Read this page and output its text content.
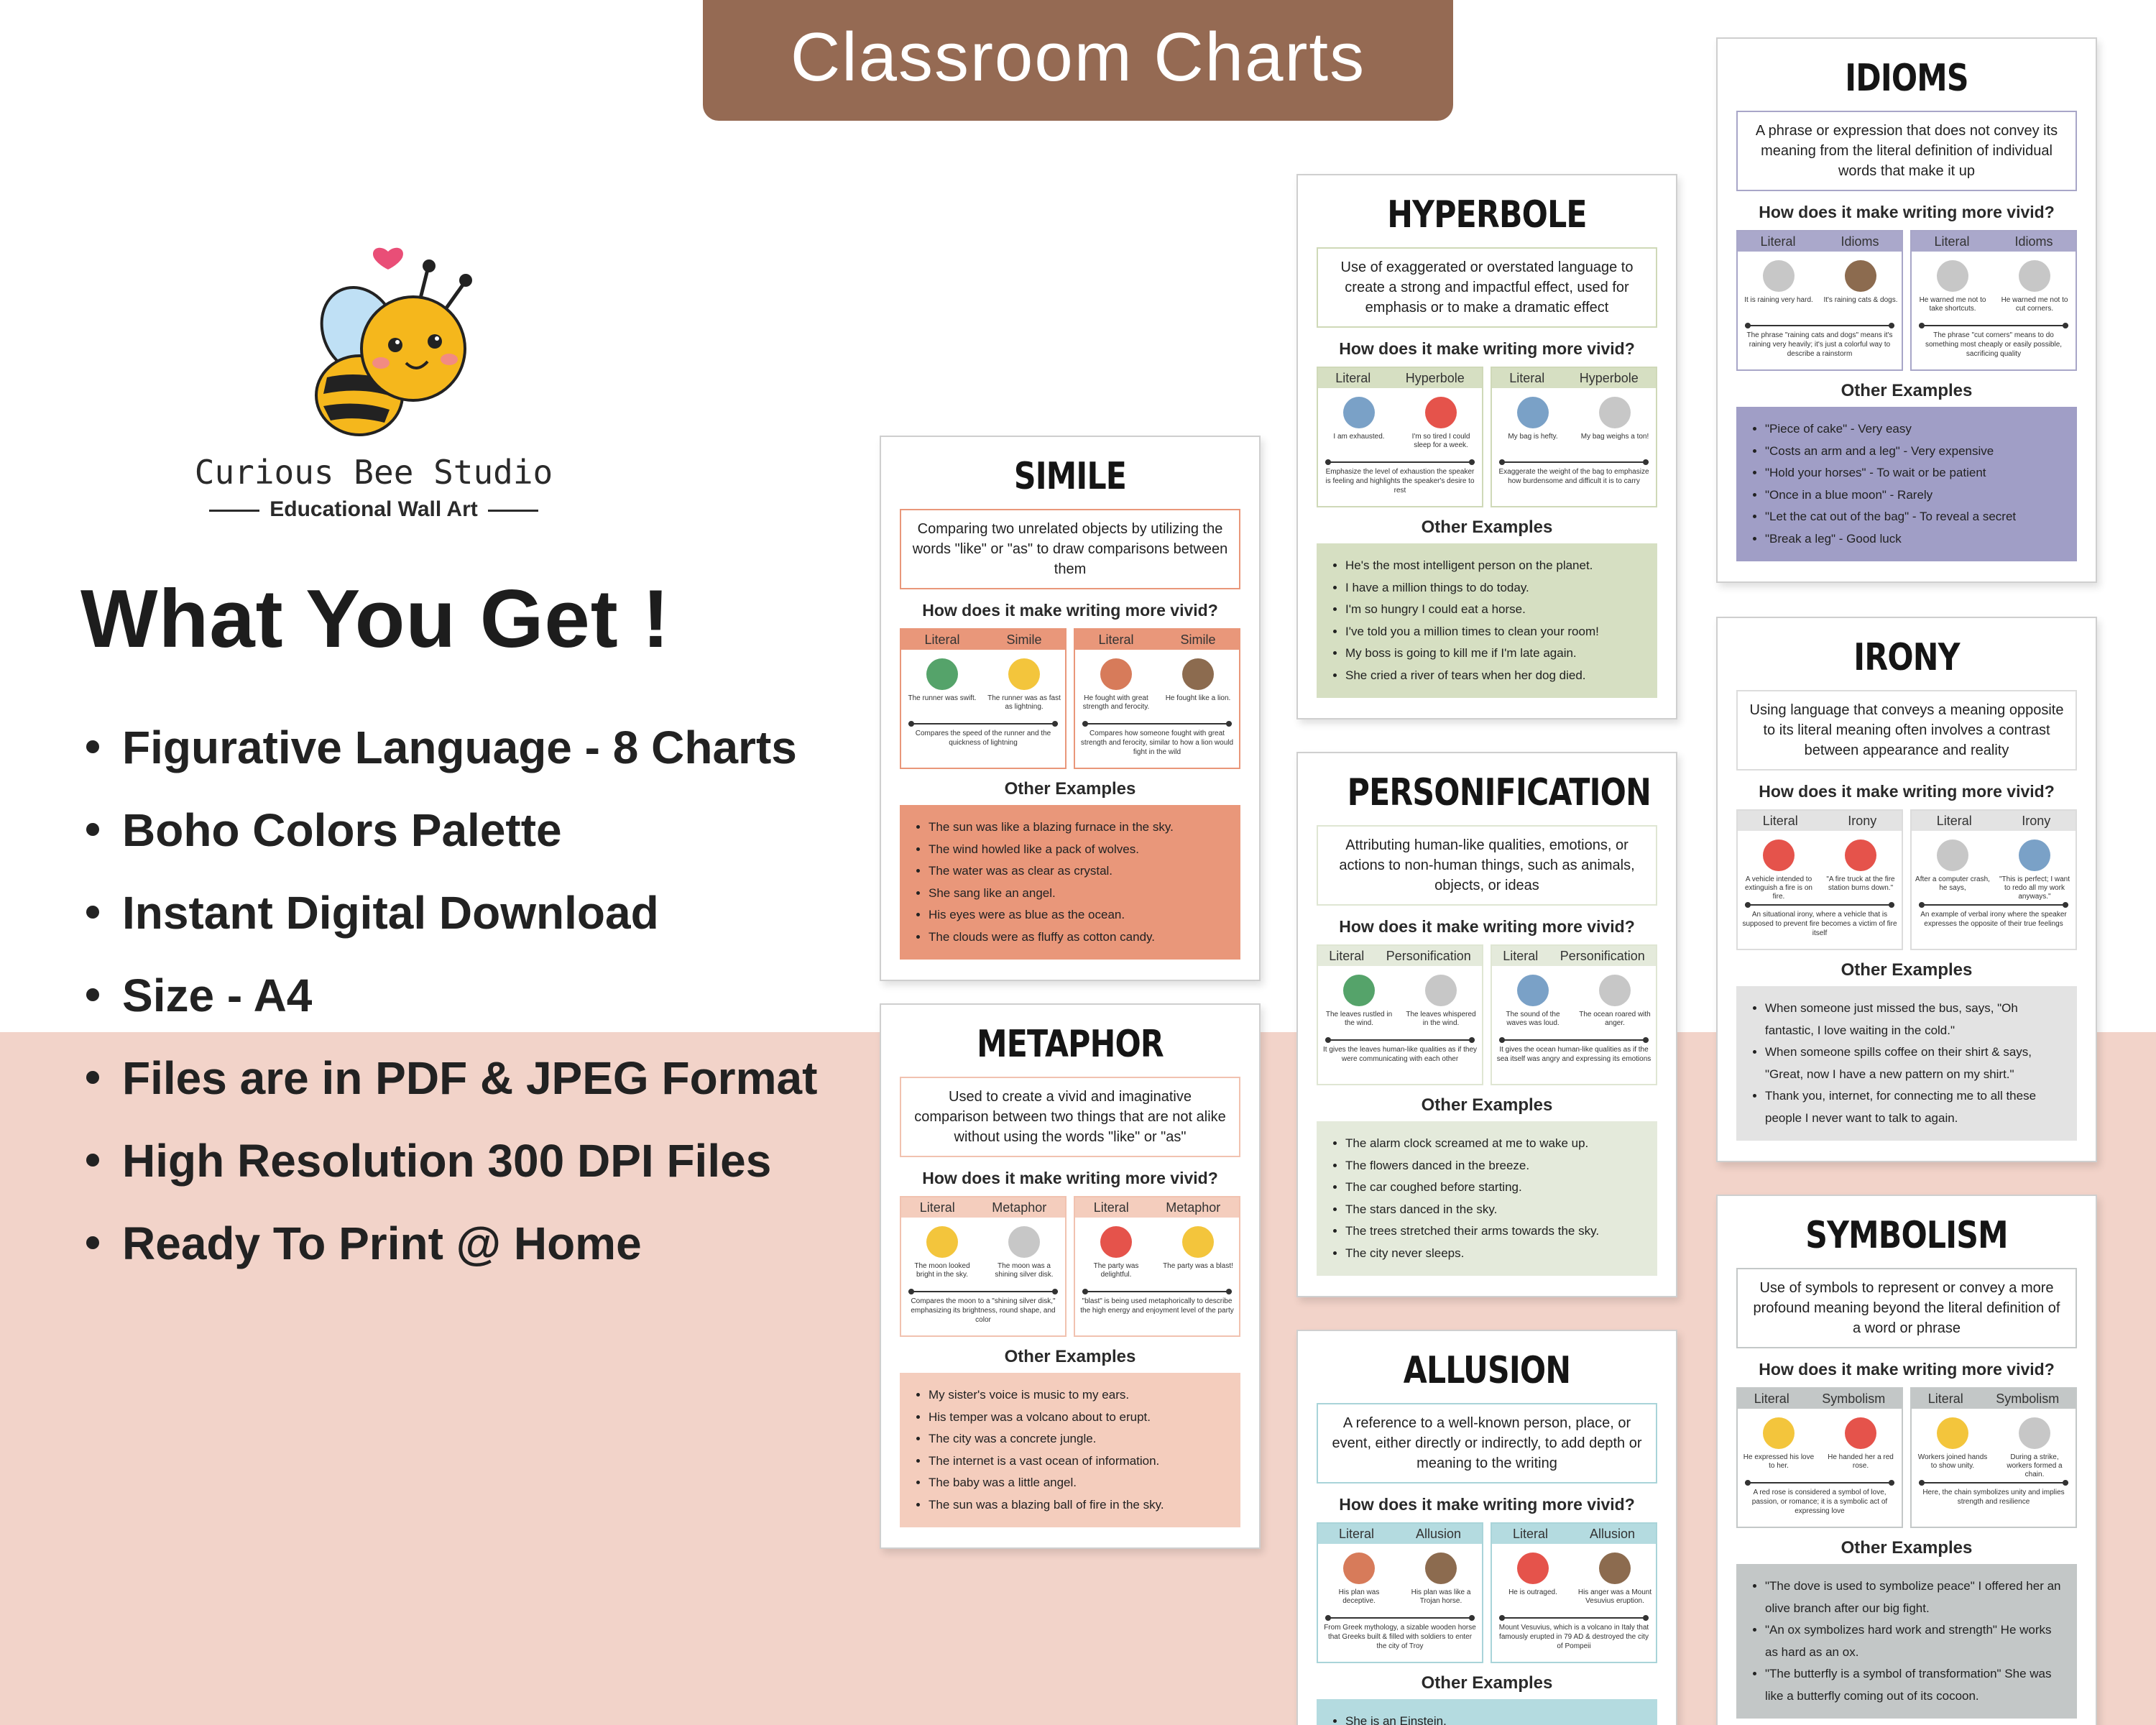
Classroom Charts
Curious Bee Studio
Educational Wall Art
What You Get !
Figurative Language - 8 Charts
Boho Colors Palette
Instant Digital Download
Size - A4
Files are in PDF & JPEG Format
High Resolution 300 DPI Files
Ready To Print @ Home
SIMILE
Comparing two unrelated objects by utilizing the words "like" or "as" to draw comparisons between them
How does it make writing more vivid?
Literal	Simile
The runner was swift.	The runner was as fast as lightning.
Compares the speed of the runner and the quickness of lightning
Literal	Simile
He fought with great strength and ferocity.
He fought like a lion.
Compares how someone fought with great strength and ferocity, similar to how a lion would fight in the wild
Other Examples
• The sun was like a blazing furnace in the sky.
• The wind howled like a pack of wolves.
• The water was as clear as crystal.
• She sang like an angel.
• His eyes were as blue as the ocean.
• The clouds were as fluffy as cotton candy.
METAPHOR
Used to create a vivid and imaginative comparison between two things that are not alike without using the words "like" or "as"
How does it make writing more vivid?
Literal	Metaphor
The moon looked bright in the sky.
The moon was a shining silver disk.
Compares the moon to a "shining silver disk," emphasizing its brightness, round shape, and color
Literal	Metaphor
The party was delightful.
The party was a blast!
"blast" is being used metaphorically to describe the high energy and enjoyment level of the party
Other Examples
• My sister's voice is music to my ears.
• His temper was a volcano about to erupt.
• The city was a concrete jungle.
• The internet is a vast ocean of information.
• The baby was a little angel.
• The sun was a blazing ball of fire in the sky.
HYPERBOLE
Use of exaggerated or overstated language to create a strong and impactful effect, used for emphasis or to make a dramatic effect
How does it make writing more vivid?
Literal	Hyperbole
I am exhausted.	I'm so tired I could sleep for a week.
Emphasize the level of exhaustion the speaker is feeling and highlights the speaker's desire to rest
Literal	Hyperbole
My bag is hefty.	My bag weighs a ton!
Exaggerate the weight of the bag to emphasize how burdensome and difficult it is to carry
Other Examples
• He's the most intelligent person on the planet.
• I have a million things to do today.
• I'm so hungry I could eat a horse.
• I've told you a million times to clean your room!
• My boss is going to kill me if I'm late again.
• She cried a river of tears when her dog died.
PERSONIFICATION
Attributing human-like qualities, emotions, or actions to non-human things, such as animals, objects, or ideas
How does it make writing more vivid?
Literal Personification
The leaves rustled in the wind.
The leaves whispered in the wind.
It gives the leaves human-like qualities as if they were communicating with each other
Literal Personification
The sound of the waves was loud.
The ocean roared with anger.
It gives the ocean human-like qualities as if the sea itself was angry and expressing its emotions
Other Examples
• The alarm clock screamed at me to wake up.
• The flowers danced in the breeze.
• The car coughed before starting.
• The stars danced in the sky.
• The trees stretched their arms towards the sky.
• The city never sleeps.
ALLUSION
A reference to a well-known person, place, or event, either directly or indirectly, to add depth or meaning to the writing
How does it make writing more vivid?
Literal	Allusion
His plan was deceptive.
His plan was like a Trojan horse.
From Greek mythology, a sizable wooden horse that Greeks built & filled with soldiers to enter the city of Troy
Literal	Allusion
He is outraged.	His anger was a Mount Vesuvius eruption.
Mount Vesuvius, which is a volcano in Italy that famously erupted in 79 AD & destroyed the city of Pompeii
Other Examples
• She is an Einstein.
IDIOMS
A phrase or expression that does not convey its meaning from the literal definition of individual words that make it up
How does it make writing more vivid?
Literal	Idioms
It is raining very hard.	It's raining cats & dogs.
The phrase "raining cats and dogs" means it's raining very heavily; it's just a colorful way to describe a rainstorm
Literal	Idioms
He warned me not to take shortcuts.
He warned me not to cut corners.
The phrase "cut corners" means to do something most cheaply or easily possible, sacrificing quality
Other Examples
• "Piece of cake" - Very easy
• "Costs an arm and a leg" - Very expensive
• "Hold your horses" - To wait or be patient
• "Once in a blue moon" - Rarely
• "Let the cat out of the bag" - To reveal a secret
• "Break a leg" - Good luck
IRONY
Using language that conveys a meaning opposite to its literal meaning often involves a contrast between appearance and reality
How does it make writing more vivid?
Literal	Irony
A vehicle intended to extinguish a fire is on fire.
"A fire truck at the fire station burns down."
An situational irony, where a vehicle that is supposed to prevent fire becomes a victim of fire itself
Literal	Irony
After a computer crash, he says,
"This is perfect; I want to redo all my work anyways."
An example of verbal irony where the speaker expresses the opposite of their true feelings
Other Examples
• When someone just missed the bus, says, "Oh fantastic, I love waiting in the cold."
• When someone spills coffee on their shirt & says, "Great, now I have a new pattern on my shirt."
• Thank you, internet, for connecting me to all these people I never want to talk to again.
SYMBOLISM
Use of symbols to represent or convey a more profound meaning beyond the literal definition of a word or phrase
How does it make writing more vivid?
Literal	Symbolism
He expressed his love to her.
He handed her a red rose.
A red rose is considered a symbol of love, passion, or romance; it is a symbolic act of expressing love
Literal	Symbolism
Workers joined hands to show unity.
During a strike, workers formed a chain.
Here, the chain symbolizes unity and implies strength and resilience
Other Examples
• "The dove is used to symbolize peace" I offered her an olive branch after our big fight.
• "An ox symbolizes hard work and strength" He works as hard as an ox.
• "The butterfly is a symbol of transformation" She was like a butterfly coming out of its cocoon.
